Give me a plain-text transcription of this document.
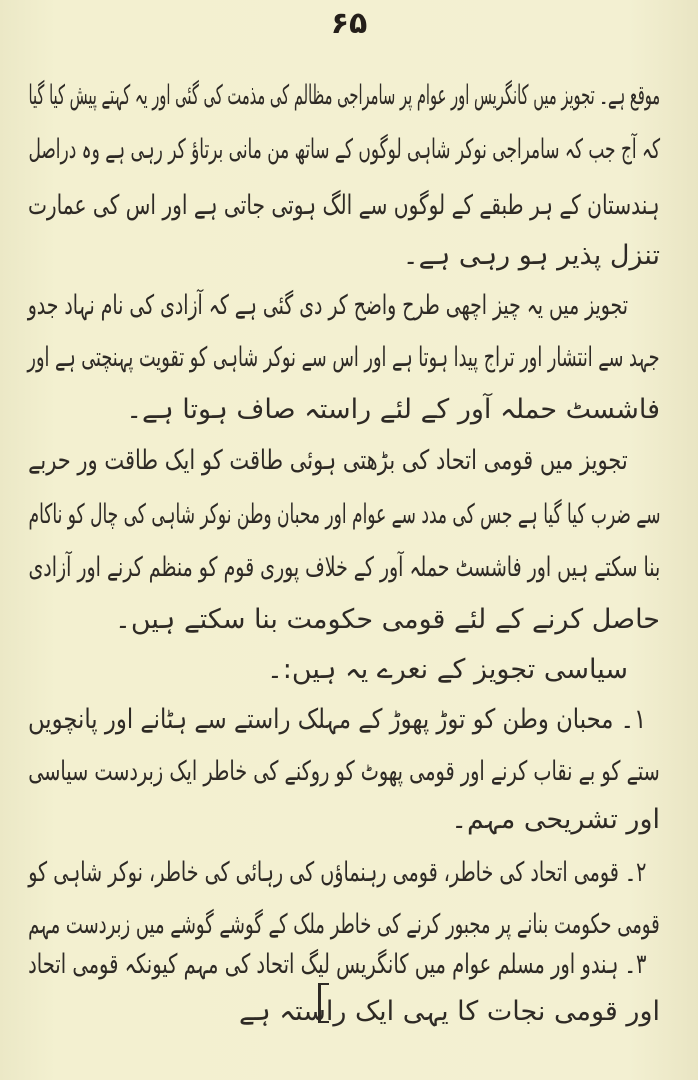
۶۵
موقع ہے۔ تجویز میں کانگریس اور عوام پر سامراجی مظالم کی مذمت کی گئی اور یہ کہتے پیش کیا گیا
کہ آج جب کہ سامراجی نوکر شاہی لوگوں کے ساتھ من مانی برتاؤ کر رہی ہے وہ دراصل
ہندستان کے ہر طبقے کے لوگوں سے الگ ہوتی جاتی ہے اور اس کی عمارت
تنزل پذیر ہو رہی ہے۔
تجویز میں یہ چیز اچھی طرح واضح کر دی گئی ہے کہ آزادی کی نام نہاد جدو
جہد سے انتشار اور تراج پیدا ہوتا ہے اور اس سے نوکر شاہی کو تقویت پہنچتی ہے اور
فاشسٹ حملہ آور کے لئے راستہ صاف ہوتا ہے۔
تجویز میں قومی اتحاد کی بڑھتی ہوئی طاقت کو ایک طاقت ور حربے
سے ضرب کیا گیا ہے جس کی مدد سے عوام اور محبان وطن نوکر شاہی کی چال کو ناکام
بنا سکتے ہیں اور فاشسٹ حملہ آور کے خلاف پوری قوم کو منظم کرنے اور آزادی
حاصل کرنے کے لئے قومی حکومت بنا سکتے ہیں۔
سیاسی تجویز کے نعرے یہ ہیں:۔
۱۔ محبان وطن کو توڑ پھوڑ کے مہلک راستے سے ہٹانے اور پانچویں
ستے کو بے نقاب کرنے اور قومی پھوٹ کو روکنے کی خاطر ایک زبردست سیاسی
اور تشریحی مہم۔
۲۔ قومی اتحاد کی خاطر، قومی رہنماؤں کی رہائی کی خاطر، نوکر شاہی کو
قومی حکومت بنانے پر مجبور کرنے کی خاطر ملک کے گوشے گوشے میں زبردست مہم
۳۔ ہندو اور مسلم عوام میں کانگریس لیگ اتحاد کی مہم کیونکہ قومی اتحاد
اور قومی نجات کا یہی ایک راستہ ہے
